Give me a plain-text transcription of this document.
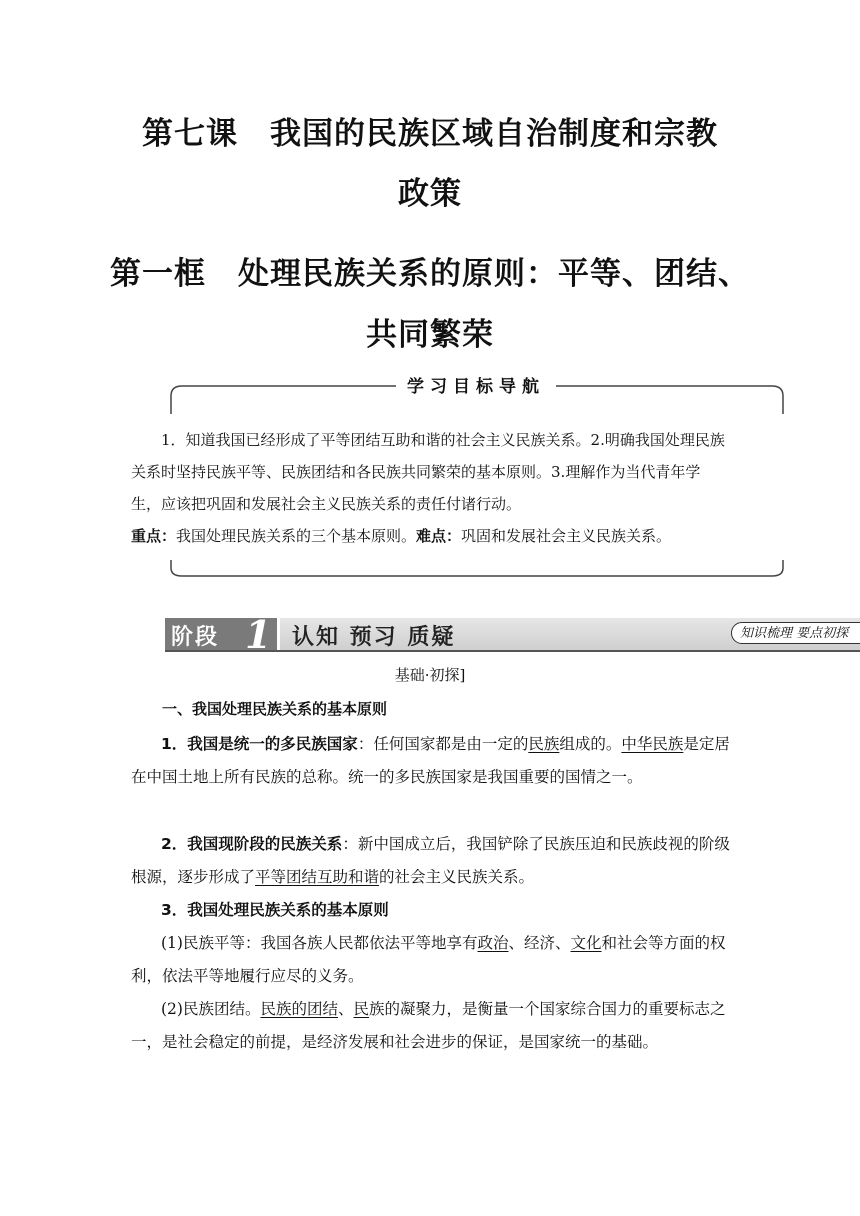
第七课　我国的民族区域自治制度和宗教
政策
第一框　处理民族关系的原则：平等、团结、
共同繁荣
学习目标导航
1．知道我国已经形成了平等团结互助和谐的社会主义民族关系。2.明确我国处理民族关系时坚持民族平等、民族团结和各民族共同繁荣的基本原则。3.理解作为当代青年学生，应该把巩固和发展社会主义民族关系的责任付诸行动。
重点：我国处理民族关系的三个基本原则。难点：巩固和发展社会主义民族关系。
阶段 1 认知 预习 质疑	知识梳理 要点初探
基础·初探]
一、我国处理民族关系的基本原则
1．我国是统一的多民族国家：任何国家都是由一定的民族组成的。中华民族是定居在中国土地上所有民族的总称。统一的多民族国家是我国重要的国情之一。
2．我国现阶段的民族关系：新中国成立后，我国铲除了民族压迫和民族歧视的阶级根源，逐步形成了平等团结互助和谐的社会主义民族关系。
3．我国处理民族关系的基本原则
(1)民族平等：我国各族人民都依法平等地享有政治、经济、文化和社会等方面的权利，依法平等地履行应尽的义务。
(2)民族团结。民族的团结、民族的凝聚力，是衡量一个国家综合国力的重要标志之一，是社会稳定的前提，是经济发展和社会进步的保证，是国家统一的基础。
